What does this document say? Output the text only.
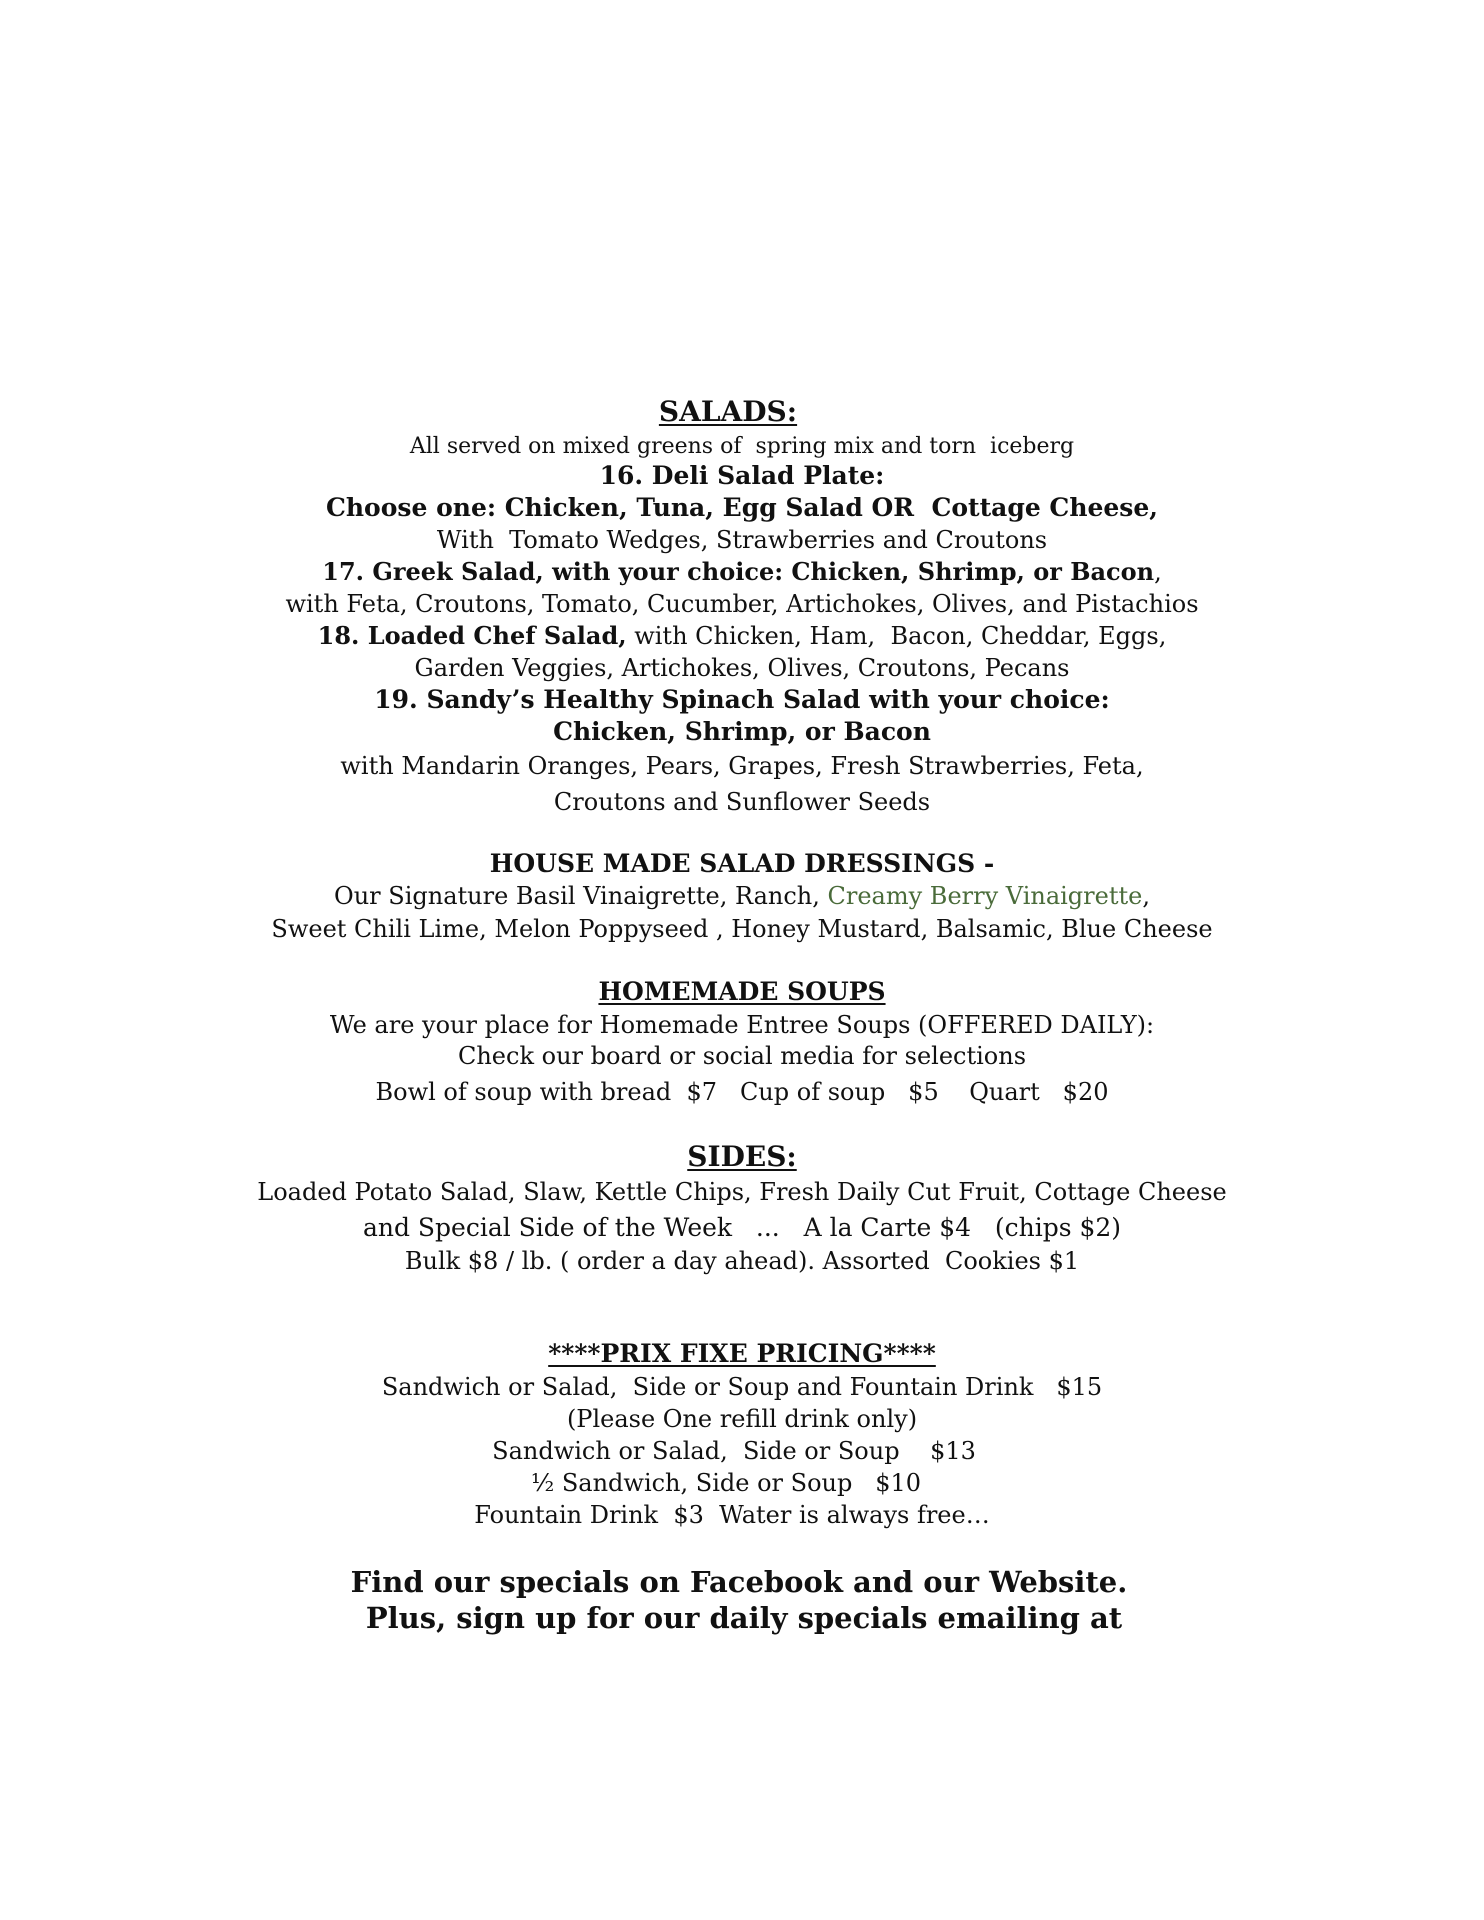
SALADS:
All served on mixed greens of  spring mix and torn  iceberg
16. Deli Salad Plate:
Choose one: Chicken, Tuna, Egg Salad OR  Cottage Cheese,
With  Tomato Wedges, Strawberries and Croutons
17. Greek Salad, with your choice: Chicken, Shrimp, or Bacon,
with Feta, Croutons, Tomato, Cucumber, Artichokes, Olives, and Pistachios
18. Loaded Chef Salad, with Chicken, Ham,  Bacon, Cheddar, Eggs,
Garden Veggies, Artichokes, Olives, Croutons, Pecans
19. Sandy’s Healthy Spinach Salad with your choice:
Chicken, Shrimp, or Bacon
with Mandarin Oranges, Pears, Grapes, Fresh Strawberries, Feta,
Croutons and Sunflower Seeds
HOUSE MADE SALAD DRESSINGS -
Our Signature Basil Vinaigrette, Ranch, Creamy Berry Vinaigrette,
Sweet Chili Lime, Melon Poppyseed , Honey Mustard, Balsamic, Blue Cheese
HOMEMADE SOUPS
We are your place for Homemade Entree Soups (OFFERED DAILY):
Check our board or social media for selections
Bowl of soup with bread  $7   Cup of soup   $5    Quart   $20
SIDES:
Loaded Potato Salad, Slaw, Kettle Chips, Fresh Daily Cut Fruit, Cottage Cheese
and Special Side of the Week   ...   A la Carte $4   (chips $2)
Bulk $8 / lb. ( order a day ahead). Assorted  Cookies $1
****PRIX FIXE PRICING****
Sandwich or Salad,  Side or Soup and Fountain Drink   $15
(Please One refill drink only)
Sandwich or Salad,  Side or Soup    $13
½ Sandwich, Side or Soup   $10
Fountain Drink  $3  Water is always free…
Find our specials on Facebook and our Website.
Plus, sign up for our daily specials emailing at
